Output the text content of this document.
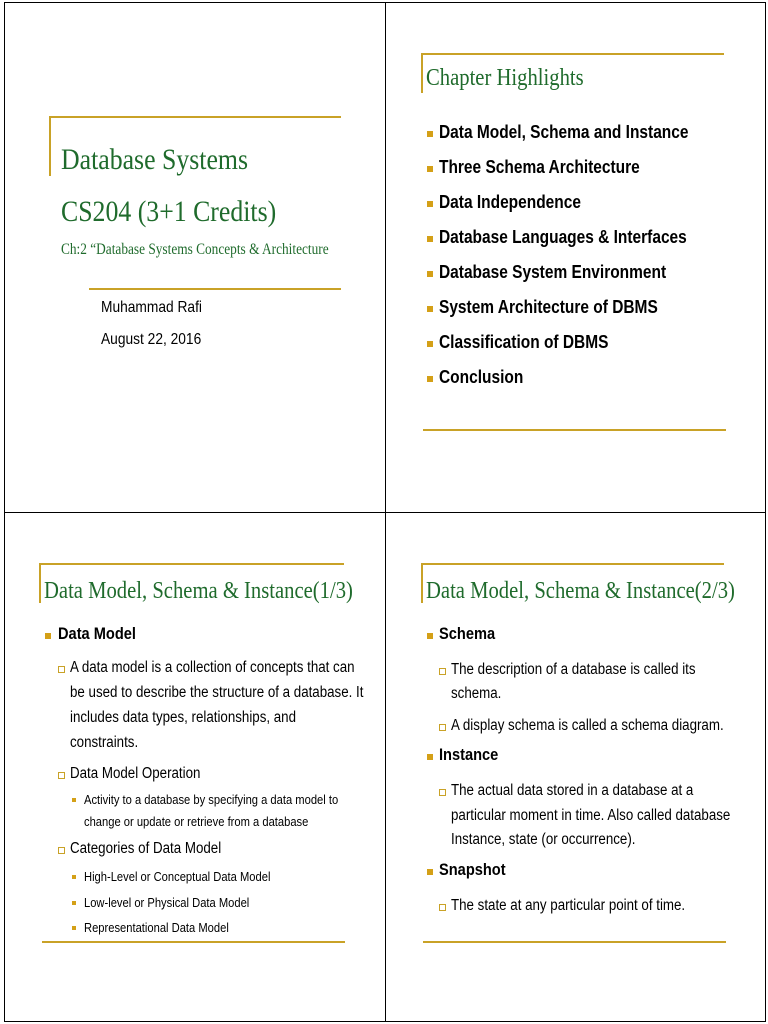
Database Systems
CS204 (3+1 Credits)
Ch:2 “Database Systems Concepts & Architecture
Muhammad Rafi
August 22, 2016
Chapter Highlights
Data Model, Schema and Instance
Three Schema Architecture
Data Independence
Database Languages & Interfaces
Database System Environment
System Architecture of DBMS
Classification of DBMS
Conclusion
Data Model, Schema & Instance(1/3)
Data Model
A data model is a collection of concepts that can
be used to describe the structure of a database. It
includes data types, relationships, and
constraints.
Data Model Operation
Activity to a database by specifying a data model to
change or update or retrieve from a database
Categories of Data Model
High-Level or Conceptual Data Model
Low-level or Physical Data Model
Representational Data Model
Data Model, Schema & Instance(2/3)
Schema
The description of a database is called its
schema.
A display schema is called a schema diagram.
Instance
The actual data stored in a database at a
particular moment in time. Also called database
Instance, state (or occurrence).
Snapshot
The state at any particular point of time.
